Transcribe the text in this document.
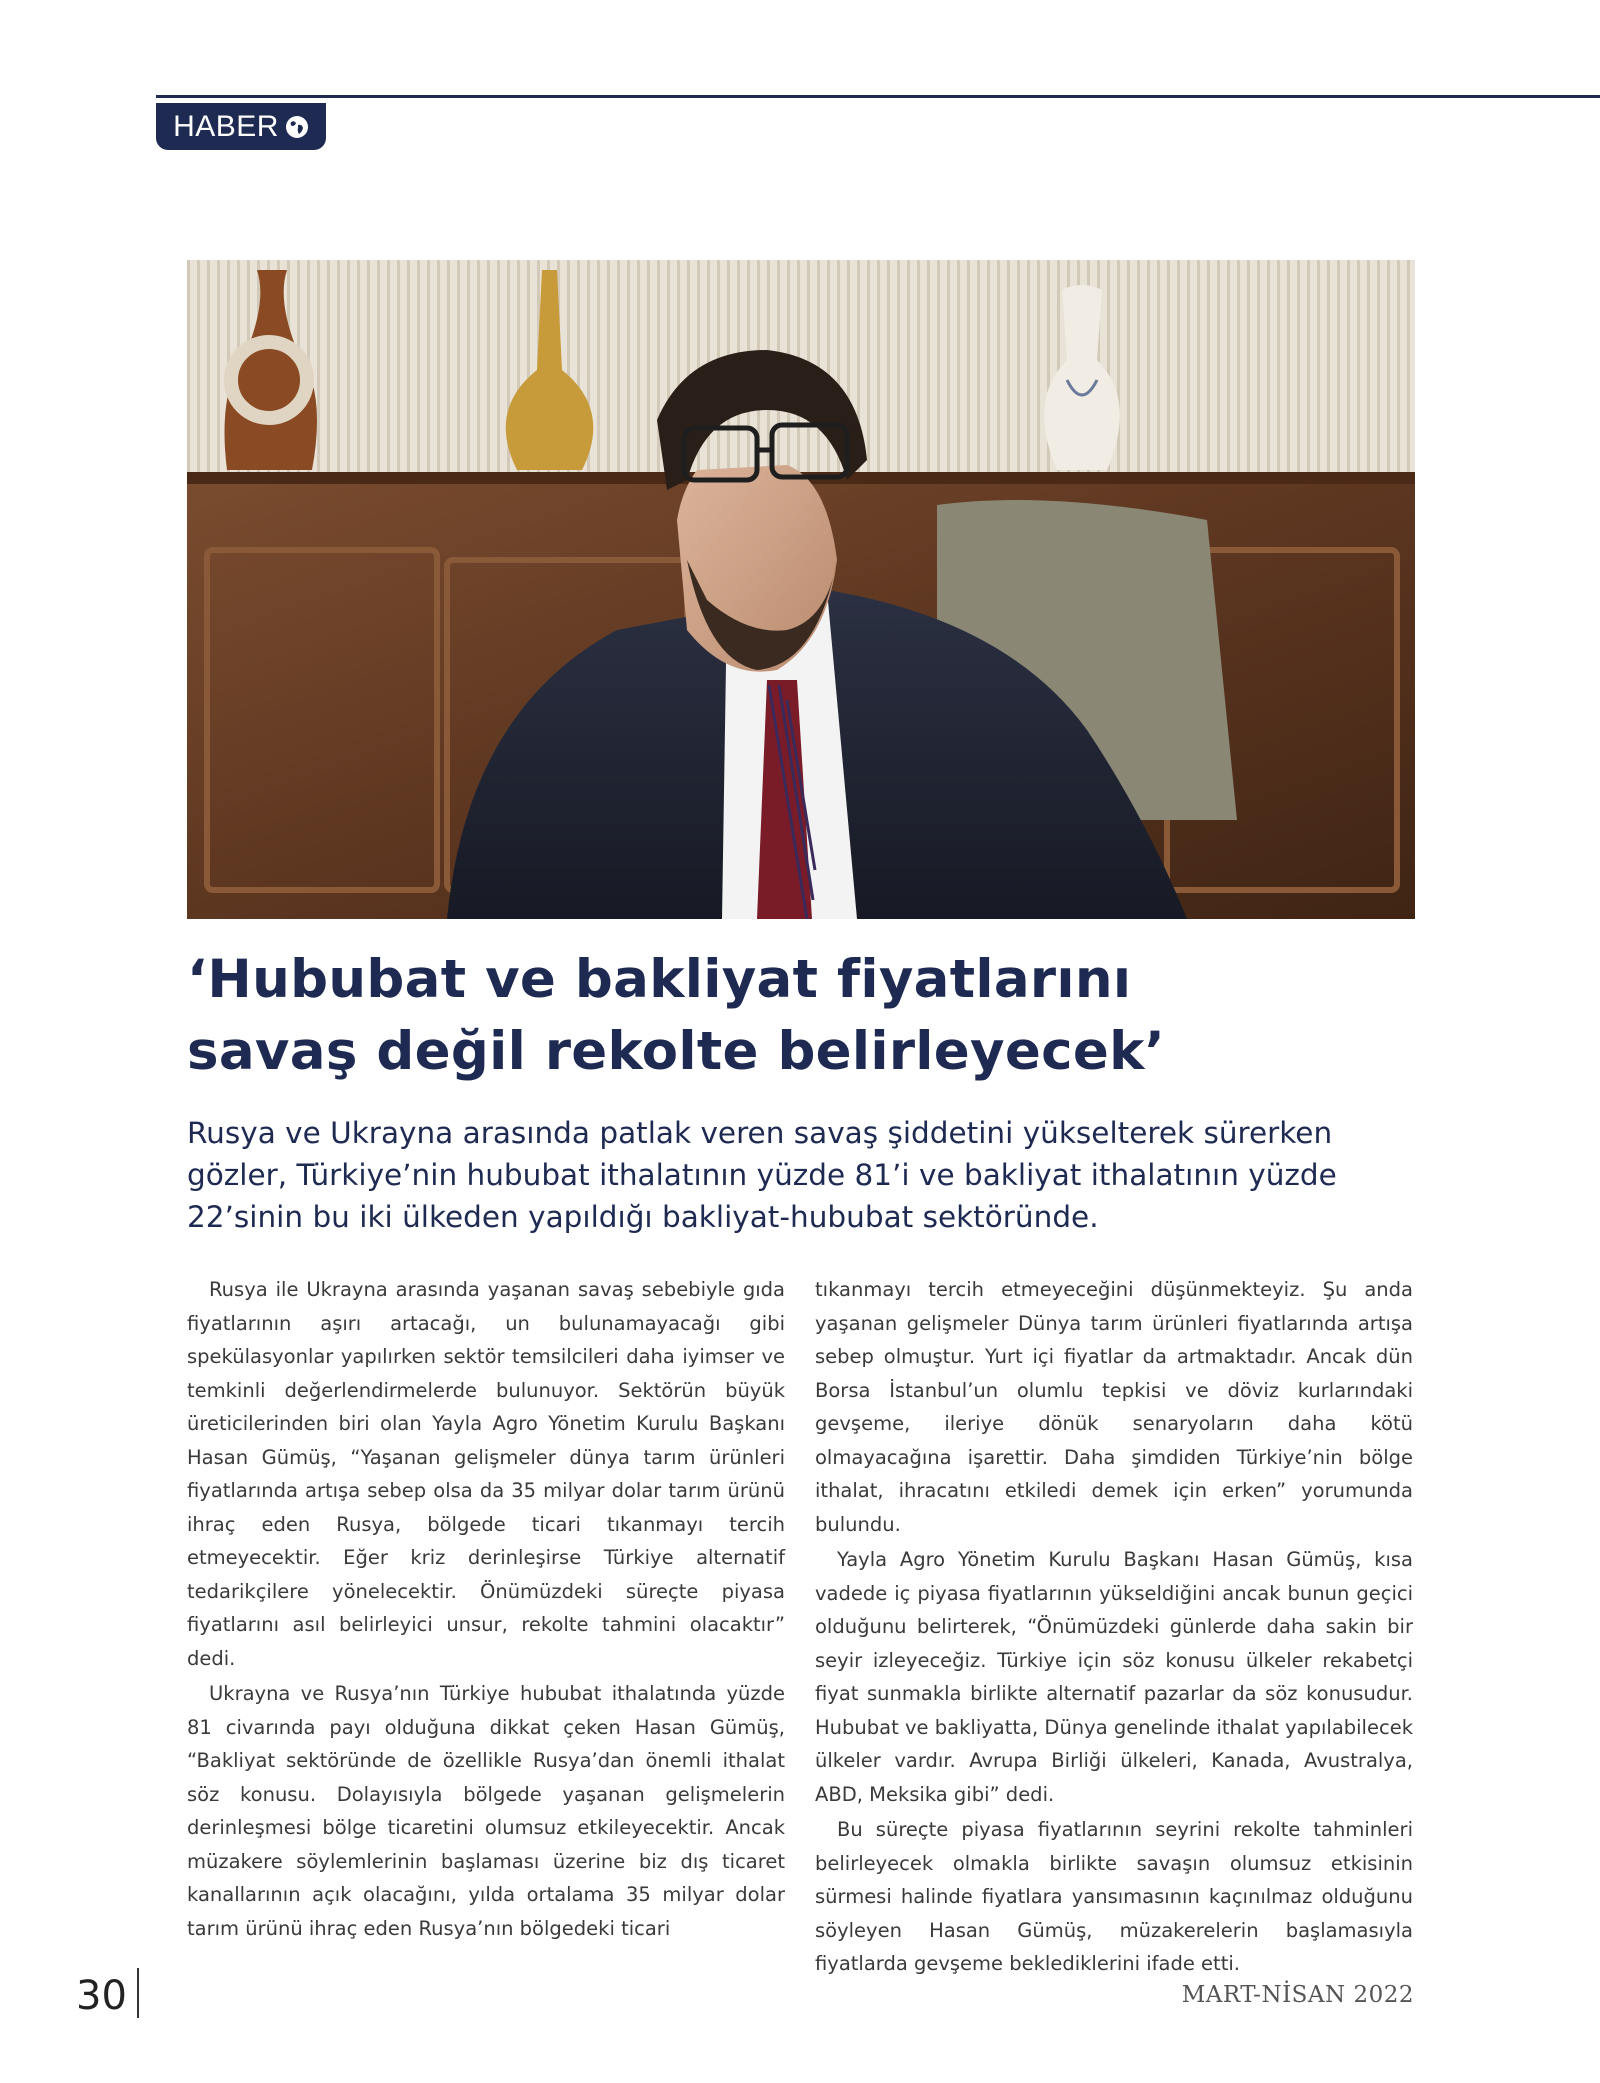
HABER
‘Hububat ve bakliyat fiyatlarını
savaş değil rekolte belirleyecek’

Rusya ve Ukrayna arasında patlak veren savaş şiddetini yükselterek sürerken
gözler, Türkiye’nin hububat ithalatının yüzde 81’i ve bakliyat ithalatının yüzde
22’sinin bu iki ülkeden yapıldığı bakliyat-hububat sektöründe.

Rusya ile Ukrayna arasında yaşanan savaş sebebiyle gıda fiyatlarının aşırı artacağı, un bulunamayacağı gibi spekülasyonlar yapılırken sektör temsilcileri daha iyimser ve temkinli değerlendirmelerde bulunuyor. Sektörün büyük üreticilerinden biri olan Yayla Agro Yönetim Kurulu Başkanı Hasan Gümüş, “Yaşanan gelişmeler dünya tarım ürünleri fiyatlarında artışa sebep olsa da 35 milyar dolar tarım ürünü ihraç eden Rusya, bölgede ticari tıkanmayı tercih etmeyecektir. Eğer kriz derinleşirse Türkiye alternatif tedarikçilere yönelecektir. Önümüzdeki süreçte piyasa fiyatlarını asıl belirleyici unsur, rekolte tahmini olacaktır” dedi.

Ukrayna ve Rusya’nın Türkiye hububat ithalatında yüzde 81 civarında payı olduğuna dikkat çeken Hasan Gümüş, “Bakliyat sektöründe de özellikle Rusya’dan önemli ithalat söz konusu. Dolayısıyla bölgede yaşanan gelişmelerin derinleşmesi bölge ticaretini olumsuz etkileyecektir. Ancak müzakere söylemlerinin başlaması üzerine biz dış ticaret kanallarının açık olacağını, yılda ortalama 35 milyar dolar tarım ürünü ihraç eden Rusya’nın bölgedeki ticari

tıkanmayı tercih etmeyeceğini düşünmekteyiz. Şu anda yaşanan gelişmeler Dünya tarım ürünleri fiyatlarında artışa sebep olmuştur. Yurt içi fiyatlar da artmaktadır. Ancak dün Borsa İstanbul’un olumlu tepkisi ve döviz kurlarındaki gevşeme, ileriye dönük senaryoların daha kötü olmayacağına işarettir. Daha şimdiden Türkiye’nin bölge ithalat, ihracatını etkiledi demek için erken” yorumunda bulundu.

Yayla Agro Yönetim Kurulu Başkanı Hasan Gümüş, kısa vadede iç piyasa fiyatlarının yükseldiğini ancak bunun geçici olduğunu belirterek, “Önümüzdeki günlerde daha sakin bir seyir izleyeceğiz. Türkiye için söz konusu ülkeler rekabetçi fiyat sunmakla birlikte alternatif pazarlar da söz konusudur. Hububat ve bakliyatta, Dünya genelinde ithalat yapılabilecek ülkeler vardır. Avrupa Birliği ülkeleri, Kanada, Avustralya, ABD, Meksika gibi” dedi.

Bu süreçte piyasa fiyatlarının seyrini rekolte tahminleri belirleyecek olmakla birlikte savaşın olumsuz etkisinin sürmesi halinde fiyatlara yansımasının kaçınılmaz olduğunu söyleyen Hasan Gümüş, müzakerelerin başlamasıyla fiyatlarda gevşeme beklediklerini ifade etti.

30	MART-NİSAN 2022
